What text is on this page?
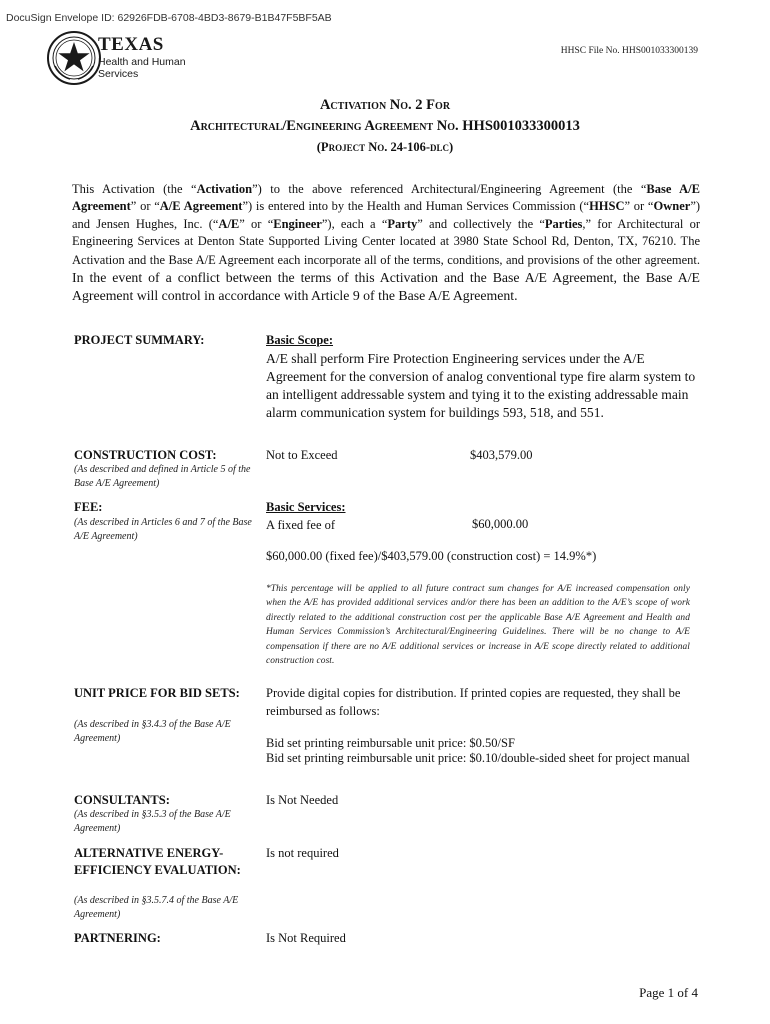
DocuSign Envelope ID: 62926FDB-6708-4BD3-8679-B1B47F5BF5AB
TEXAS
Health and Human
Services
HHSC File No. HHS001033300139
Activation No. 2 For
Architectural/Engineering Agreement No. HHS001033300013
(Project No. 24-106-dlc)
This Activation (the “Activation”) to the above referenced Architectural/Engineering Agreement (the “Base A/E Agreement” or “A/E Agreement”) is entered into by the Health and Human Services Commission (“HHSC” or “Owner”) and Jensen Hughes, Inc. (“A/E” or “Engineer”), each a “Party” and collectively the “Parties,” for Architectural or Engineering Services at Denton State Supported Living Center located at 3980 State School Rd, Denton, TX, 76210. The Activation and the Base A/E Agreement each incorporate all of the terms, conditions, and provisions of the other agreement. In the event of a conflict between the terms of this Activation and the Base A/E Agreement, the Base A/E Agreement will control in accordance with Article 9 of the Base A/E Agreement.
PROJECT SUMMARY:	Basic Scope:
A/E shall perform Fire Protection Engineering services under the A/E Agreement for the conversion of analog conventional type fire alarm system to an intelligent addressable system and tying it to the existing addressable main alarm communication system for buildings 593, 518, and 551.
CONSTRUCTION COST:
(As described and defined in Article 5 of the Base A/E Agreement)
Not to Exceed	$403,579.00
FEE:
(As described in Articles 6 and 7 of the Base A/E Agreement)
Basic Services:
A fixed fee of	$60,000.00
$60,000.00 (fixed fee)/$403,579.00 (construction cost) = 14.9%*)
*This percentage will be applied to all future contract sum changes for A/E increased compensation only when the A/E has provided additional services and/or there has been an addition to the A/E’s scope of work directly related to the additional construction cost per the applicable Base A/E Agreement and Health and Human Services Commission’s Architectural/Engineering Guidelines. There will be no change to A/E compensation if there are no A/E additional services or increase in A/E scope directly related to additional construction cost.
UNIT PRICE FOR BID SETS:
(As described in §3.4.3 of the Base A/E Agreement)
Provide digital copies for distribution. If printed copies are requested, they shall be reimbursed as follows:
Bid set printing reimbursable unit price: $0.50/SF
Bid set printing reimbursable unit price: $0.10/double-sided sheet for project manual
CONSULTANTS:
(As described in §3.5.3 of the Base A/E Agreement)
Is Not Needed
ALTERNATIVE ENERGY-EFFICIENCY EVALUATION:
(As described in §3.5.7.4 of the Base A/E Agreement)
Is not required
PARTNERING:	Is Not Required
Page 1 of 4
